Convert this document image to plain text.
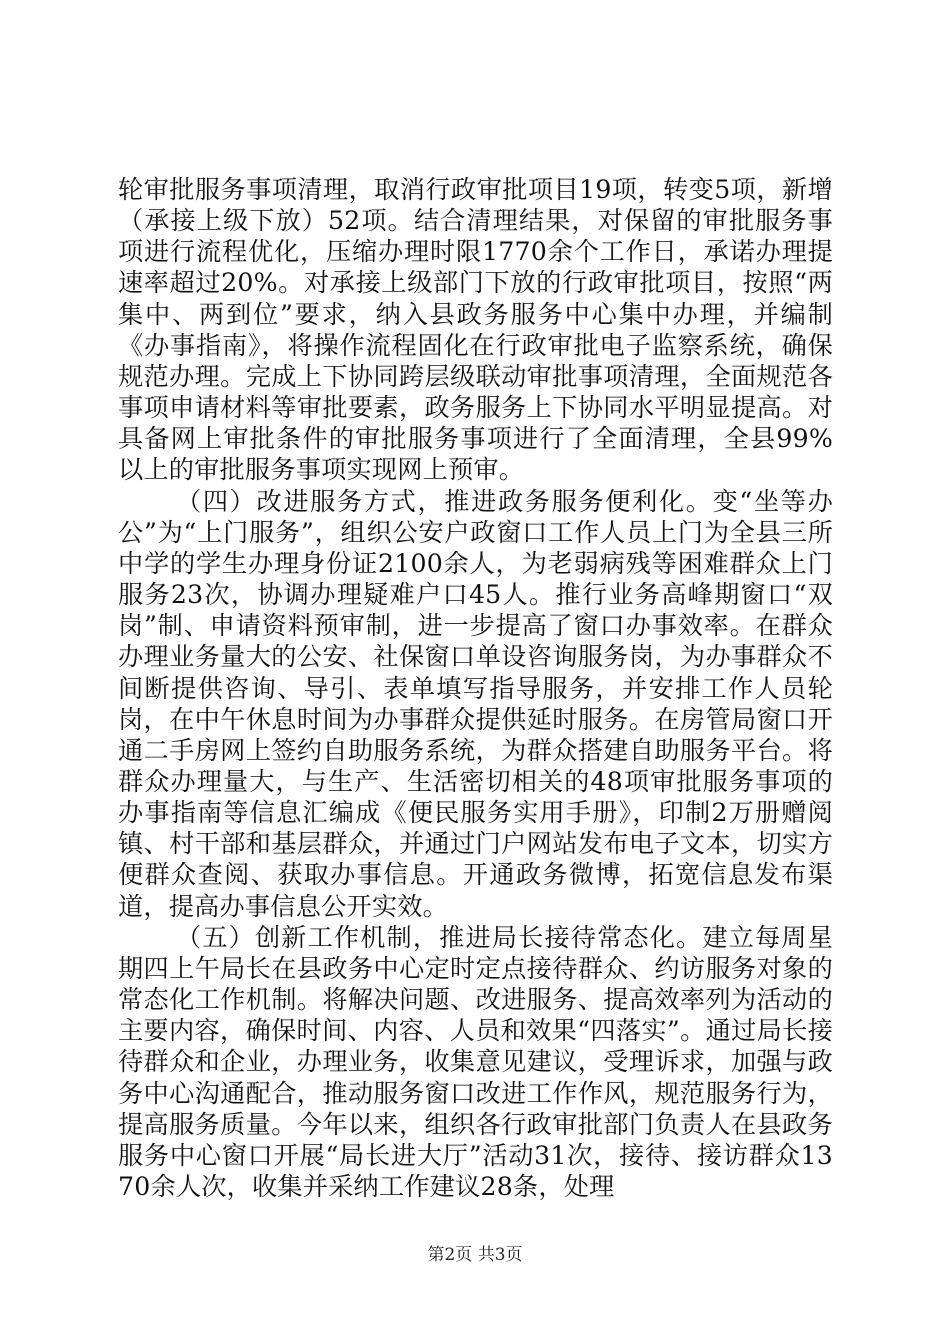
轮审批服务事项清理，取消行政审批项目19项，转变5项，新增（承接上级下放）52项。结合清理结果，对保留的审批服务事项进行流程优化，压缩办理时限1770余个工作日，承诺办理提速率超过20%。对承接上级部门下放的行政审批项目，按照“两集中、两到位”要求，纳入县政务服务中心集中办理，并编制《办事指南》，将操作流程固化在行政审批电子监察系统，确保规范办理。完成上下协同跨层级联动审批事项清理，全面规范各事项申请材料等审批要素，政务服务上下协同水平明显提高。对具备网上审批条件的审批服务事项进行了全面清理，全县99%以上的审批服务事项实现网上预审。

（四）改进服务方式，推进政务服务便利化。变“坐等办公”为“上门服务”，组织公安户政窗口工作人员上门为全县三所中学的学生办理身份证2100余人，为老弱病残等困难群众上门服务23次，协调办理疑难户口45人。推行业务高峰期窗口“双岗”制、申请资料预审制，进一步提高了窗口办事效率。在群众办理业务量大的公安、社保窗口单设咨询服务岗，为办事群众不间断提供咨询、导引、表单填写指导服务，并安排工作人员轮岗，在中午休息时间为办事群众提供延时服务。在房管局窗口开通二手房网上签约自助服务系统，为群众搭建自助服务平台。将群众办理量大，与生产、生活密切相关的48项审批服务事项的办事指南等信息汇编成《便民服务实用手册》，印制2万册赠阅镇、村干部和基层群众，并通过门户网站发布电子文本，切实方便群众查阅、获取办事信息。开通政务微博，拓宽信息发布渠道，提高办事信息公开实效。

（五）创新工作机制，推进局长接待常态化。建立每周星期四上午局长在县政务中心定时定点接待群众、约访服务对象的常态化工作机制。将解决问题、改进服务、提高效率列为活动的主要内容，确保时间、内容、人员和效果“四落实”。通过局长接待群众和企业，办理业务，收集意见建议，受理诉求，加强与政务中心沟通配合，推动服务窗口改进工作作风，规范服务行为，提高服务质量。今年以来，组织各行政审批部门负责人在县政务服务中心窗口开展“局长进大厅”活动31次，接待、接访群众1370余人次，收集并采纳工作建议28条，处理

第2页 共3页
